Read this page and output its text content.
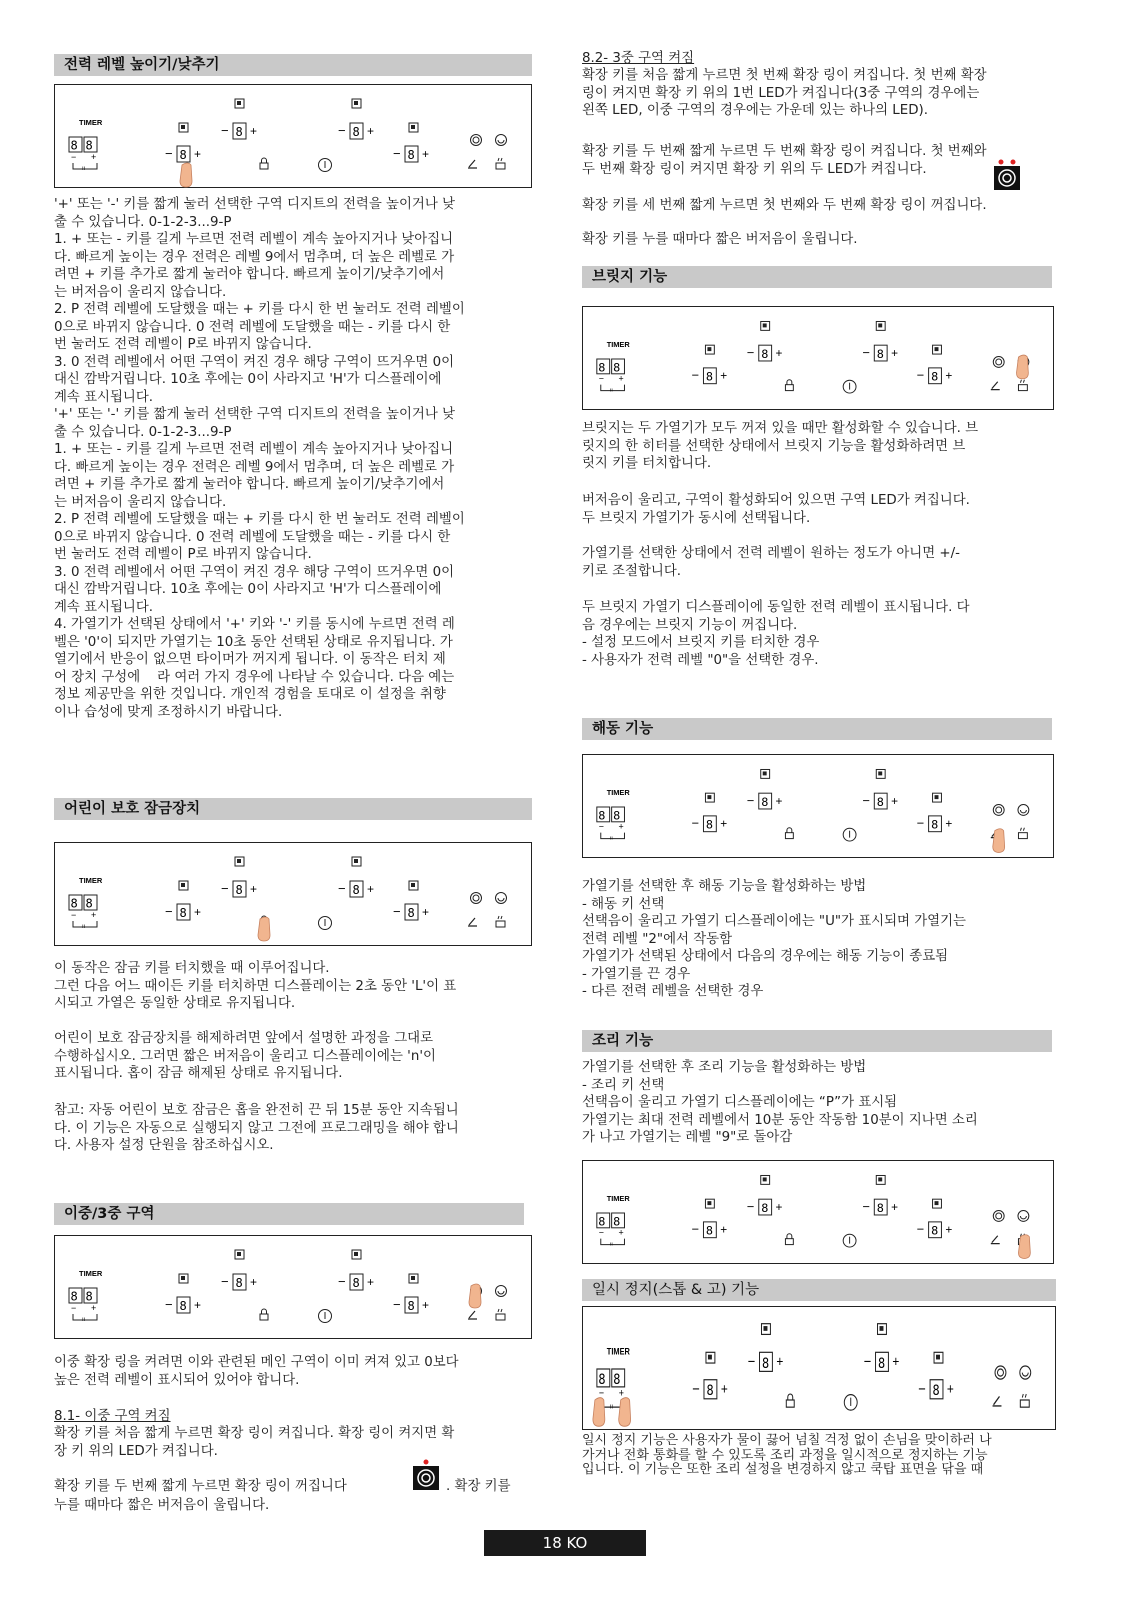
전력 레벨 높이기/낮추기
'+' 또는 '-' 키를 짧게 눌러 선택한 구역 디지트의 전력을 높이거나 낮
출 수 있습니다. 0-1-2-3...9-P
1. + 또는 - 키를 길게 누르면 전력 레벨이 계속 높아지거나 낮아집니
다. 빠르게 높이는 경우 전력은 레벨 9에서 멈추며, 더 높은 레벨로 가
려면 + 키를 추가로 짧게 눌러야 합니다. 빠르게 높이기/낮추기에서
는 버저음이 울리지 않습니다.
2. P 전력 레벨에 도달했을 때는 + 키를 다시 한 번 눌러도 전력 레벨이
0으로 바뀌지 않습니다. 0 전력 레벨에 도달했을 때는 - 키를 다시 한
번 눌러도 전력 레벨이 P로 바뀌지 않습니다.
3. 0 전력 레벨에서 어떤 구역이 켜진 경우 해당 구역이 뜨거우면 0이
대신 깜박거립니다. 10초 후에는 0이 사라지고 'H'가 디스플레이에
계속 표시됩니다.
'+' 또는 '-' 키를 짧게 눌러 선택한 구역 디지트의 전력을 높이거나 낮
출 수 있습니다. 0-1-2-3...9-P
1. + 또는 - 키를 길게 누르면 전력 레벨이 계속 높아지거나 낮아집니
다. 빠르게 높이는 경우 전력은 레벨 9에서 멈추며, 더 높은 레벨로 가
려면 + 키를 추가로 짧게 눌러야 합니다. 빠르게 높이기/낮추기에서
는 버저음이 울리지 않습니다.
2. P 전력 레벨에 도달했을 때는 + 키를 다시 한 번 눌러도 전력 레벨이
0으로 바뀌지 않습니다. 0 전력 레벨에 도달했을 때는 - 키를 다시 한
번 눌러도 전력 레벨이 P로 바뀌지 않습니다.
3. 0 전력 레벨에서 어떤 구역이 켜진 경우 해당 구역이 뜨거우면 0이
대신 깜박거립니다. 10초 후에는 0이 사라지고 'H'가 디스플레이에
계속 표시됩니다.
4. 가열기가 선택된 상태에서 '+' 키와 '-' 키를 동시에 누르면 전력 레
벨은 '0'이 되지만 가열기는 10초 동안 선택된 상태로 유지됩니다. 가
열기에서 반응이 없으면 타이머가 꺼지게 됩니다. 이 동작은 터치 제
어 장치 구성에    라 여러 가지 경우에 나타날 수 있습니다. 다음 예는
정보 제공만을 위한 것입니다. 개인적 경험을 토대로 이 설정을 취향
이나 습성에 맞게 조정하시기 바랍니다.
어린이 보호 잠금장치
이 동작은 잠금 키를 터치했을 때 이루어집니다.
그런 다음 어느 때이든 키를 터치하면 디스플레이는 2초 동안 'L'이 표
시되고 가열은 동일한 상태로 유지됩니다.
어린이 보호 잠금장치를 해제하려면 앞에서 설명한 과정을 그대로
수행하십시오. 그러면 짧은 버저음이 울리고 디스플레이에는 'n'이
표시됩니다. 홉이 잠금 해제된 상태로 유지됩니다.
참고: 자동 어린이 보호 잠금은 홉을 완전히 끈 뒤 15분 동안 지속됩니
다. 이 기능은 자동으로 실행되지 않고 그전에 프로그래밍을 해야 합니
다. 사용자 설정 단원을 참조하십시오.
이중/3중 구역
이중 확장 링을 켜려면 이와 관련된 메인 구역이 이미 켜져 있고 0보다
높은 전력 레벨이 표시되어 있어야 합니다.
8.1- 이중 구역 켜짐
확장 키를 처음 짧게 누르면 확장 링이 켜집니다. 확장 링이 켜지면 확
장 키 위의 LED가 켜집니다.
확장 키를 두 번째 짧게 누르면 확장 링이 꺼집니다	. 확장 키를
누를 때마다 짧은 버저음이 울립니다.
8.2- 3중 구역 켜짐
확장 키를 처음 짧게 누르면 첫 번째 확장 링이 켜집니다. 첫 번째 확장
링이 켜지면 확장 키 위의 1번 LED가 켜집니다(3중 구역의 경우에는
왼쪽 LED, 이중 구역의 경우에는 가운데 있는 하나의 LED).
확장 키를 두 번째 짧게 누르면 두 번째 확장 링이 켜집니다. 첫 번째와
두 번째 확장 링이 켜지면 확장 키 위의 두 LED가 켜집니다.
확장 키를 세 번째 짧게 누르면 첫 번째와 두 번째 확장 링이 꺼집니다.
확장 키를 누를 때마다 짧은 버저음이 울립니다.
브릿지 기능
브릿지는 두 가열기가 모두 꺼져 있을 때만 활성화할 수 있습니다. 브
릿지의 한 히터를 선택한 상태에서 브릿지 기능을 활성화하려면 브
릿지 키를 터치합니다.
버저음이 울리고, 구역이 활성화되어 있으면 구역 LED가 켜집니다.
두 브릿지 가열기가 동시에 선택됩니다.
가열기를 선택한 상태에서 전력 레벨이 원하는 정도가 아니면 +/-
키로 조절합니다.
두 브릿지 가열기 디스플레이에 동일한 전력 레벨이 표시됩니다. 다
음 경우에는 브릿지 기능이 꺼집니다.
- 설정 모드에서 브릿지 키를 터치한 경우
- 사용자가 전력 레벨 "0"을 선택한 경우.
해동 기능
가열기를 선택한 후 해동 기능을 활성화하는 방법
- 해동 키 선택
선택음이 울리고 가열기 디스플레이에는 "U"가 표시되며 가열기는
전력 레벨 "2"에서 작동함
가열기가 선택된 상태에서 다음의 경우에는 해동 기능이 종료됨
- 가열기를 끈 경우
- 다른 전력 레벨을 선택한 경우
조리 기능
가열기를 선택한 후 조리 기능을 활성화하는 방법
- 조리 키 선택
선택음이 울리고 가열기 디스플레이에는 “P”가 표시됨
가열기는 최대 전력 레벨에서 10분 동안 작동함 10분이 지나면 소리
가 나고 가열기는 레벨 "9"로 돌아감
일시 정지(스톱 & 고) 기능
일시 정지 기능은 사용자가 물이 끓어 넘칠 걱정 없이 손님을 맞이하러 나
가거나 전화 통화를 할 수 있도록 조리 과정을 일시적으로 정지하는 기능
입니다. 이 기능은 또한 조리 설정을 변경하지 않고 쿡탑 표면을 닦을 때
18 KO
